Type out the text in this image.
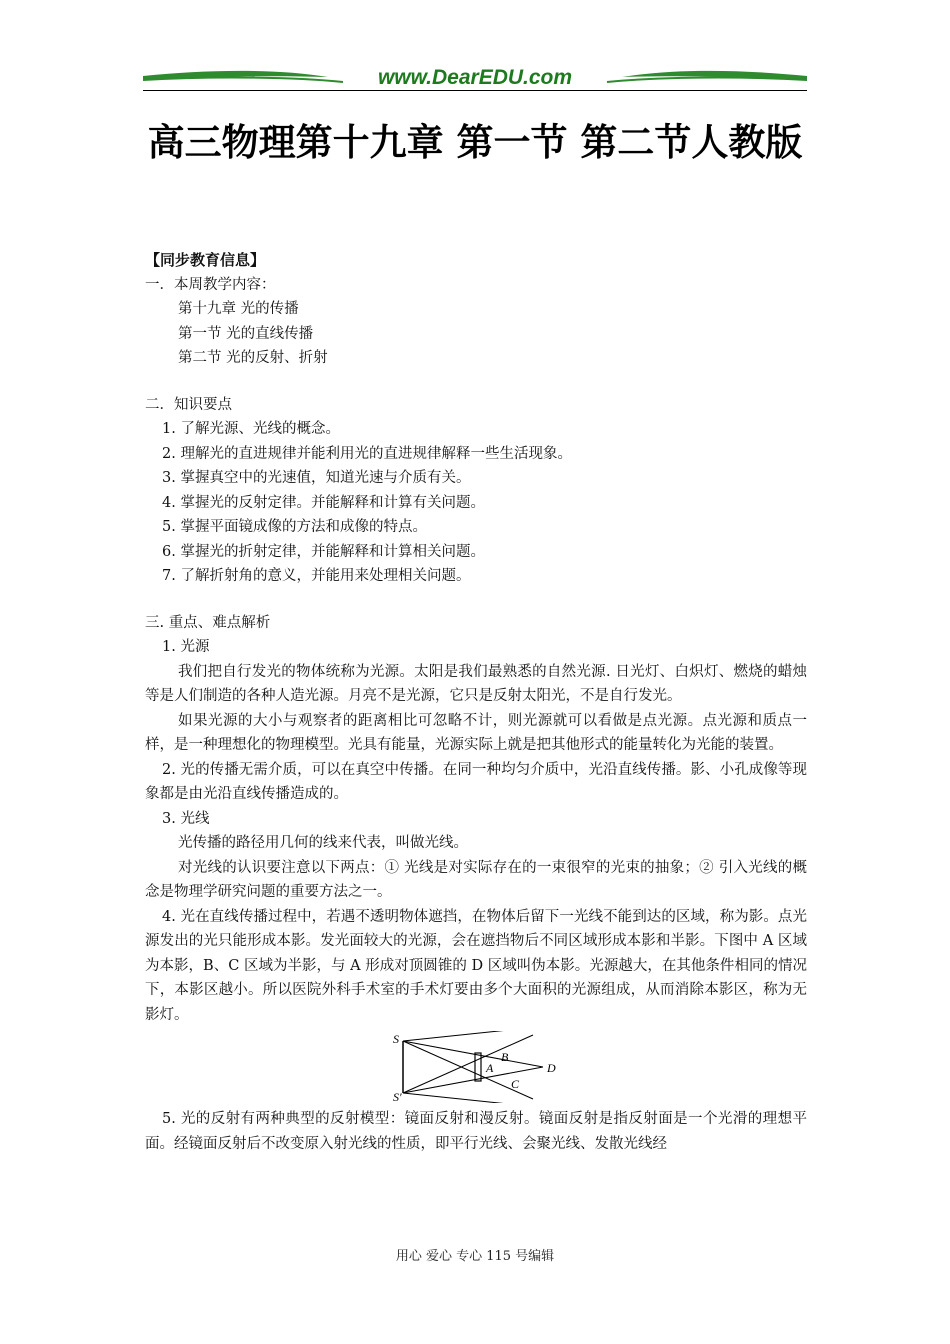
www.DearEDU.com
高三物理第十九章 第一节 第二节人教版
【同步教育信息】
一．本周教学内容：
第十九章 光的传播
第一节 光的直线传播
第二节 光的反射、折射
二．知识要点
1. 了解光源、光线的概念。
2. 理解光的直进规律并能利用光的直进规律解释一些生活现象。
3. 掌握真空中的光速值，知道光速与介质有关。
4. 掌握光的反射定律。并能解释和计算有关问题。
5. 掌握平面镜成像的方法和成像的特点。
6. 掌握光的折射定律，并能解释和计算相关问题。
7. 了解折射角的意义，并能用来处理相关问题。
三. 重点、难点解析
1. 光源
我们把自行发光的物体统称为光源。太阳是我们最熟悉的自然光源. 日光灯、白炽灯、燃烧的蜡烛等是人们制造的各种人造光源。月亮不是光源，它只是反射太阳光，不是自行发光。
如果光源的大小与观察者的距离相比可忽略不计，则光源就可以看做是点光源。点光源和质点一样，是一种理想化的物理模型。光具有能量，光源实际上就是把其他形式的能量转化为光能的装置。
2. 光的传播无需介质，可以在真空中传播。在同一种均匀介质中，光沿直线传播。影、小孔成像等现象都是由光沿直线传播造成的。
3. 光线
光传播的路径用几何的线来代表，叫做光线。
对光线的认识要注意以下两点：① 光线是对实际存在的一束很窄的光束的抽象；② 引入光线的概念是物理学研究问题的重要方法之一。
4. 光在直线传播过程中，若遇不透明物体遮挡，在物体后留下一光线不能到达的区域，称为影。点光源发出的光只能形成本影。发光面较大的光源，会在遮挡物后不同区域形成本影和半影。下图中 A 区域为本影，B、C 区域为半影，与 A 形成对顶圆锥的 D 区域叫伪本影。光源越大，在其他条件相同的情况下，本影区越小。所以医院外科手术室的手术灯要由多个大面积的光源组成，从而消除本影区，称为无影灯。
S
S′
A
B
C
D
5. 光的反射有两种典型的反射模型：镜面反射和漫反射。镜面反射是指反射面是一个光滑的理想平面。经镜面反射后不改变原入射光线的性质，即平行光线、会聚光线、发散光线经
用心 爱心 专心 115 号编辑
